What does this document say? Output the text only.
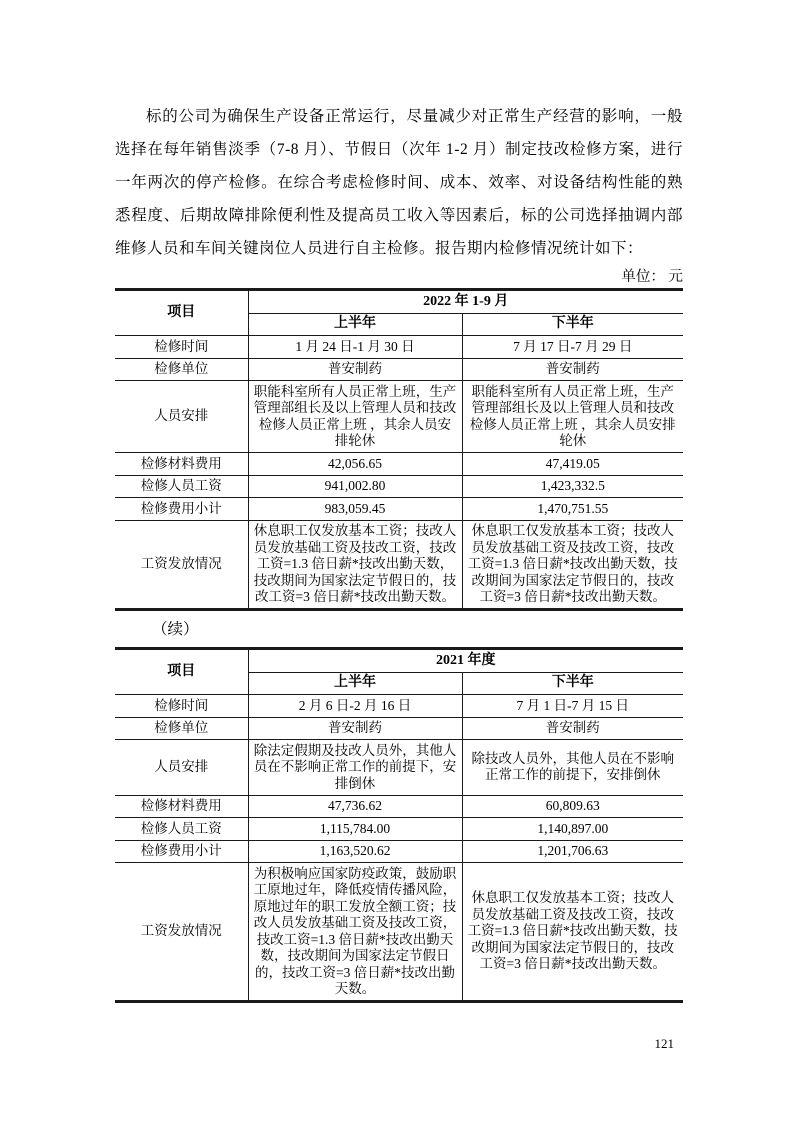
标的公司为确保生产设备正常运行，尽量减少对正常生产经营的影响，一般选择在每年销售淡季（7-8 月）、节假日（次年 1-2 月）制定技改检修方案，进行一年两次的停产检修。在综合考虑检修时间、成本、效率、对设备结构性能的熟悉程度、后期故障排除便利性及提高员工收入等因素后，标的公司选择抽调内部维修人员和车间关键岗位人员进行自主检修。报告期内检修情况统计如下：

单位： 元
项目	2022 年 1-9 月	
	上半年	下半年
检修时间	1 月 24 日-1 月 30 日	7 月 17 日-7 月 29 日
检修单位	普安制药	普安制药
人员安排	职能科室所有人员正常上班，生产管理部组长及以上管理人员和技改检修人员正常上班 ，其余人员安排轮休	职能科室所有人员正常上班，生产管理部组长及以上管理人员和技改检修人员正常上班 ，其余人员安排轮休
检修材料费用	42,056.65	47,419.05
检修人员工资	941,002.80	1,423,332.5
检修费用小计	983,059.45	1,470,751.55
工资发放情况	休息职工仅发放基本工资；技改人员发放基础工资及技改工资，技改工资=1.3 倍日薪*技改出勤天数，技改期间为国家法定节假日的，技改工资=3 倍日薪*技改出勤天数。	休息职工仅发放基本工资；技改人员发放基础工资及技改工资，技改工资=1.3 倍日薪*技改出勤天数，技改期间为国家法定节假日的，技改工资=3 倍日薪*技改出勤天数。
（续）
项目	2021 年度	
	上半年	下半年
检修时间	2 月 6 日-2 月 16 日	7 月 1 日-7 月 15 日
检修单位	普安制药	普安制药
人员安排	除法定假期及技改人员外，其他人员在不影响正常工作的前提下，安排倒休	除技改人员外，其他人员在不影响正常工作的前提下，安排倒休
检修材料费用	47,736.62	60,809.63
检修人员工资	1,115,784.00	1,140,897.00
检修费用小计	1,163,520.62	1,201,706.63
工资发放情况	为积极响应国家防疫政策，鼓励职工原地过年，降低疫情传播风险，原地过年的职工发放全额工资；技改人员发放基础工资及技改工资，技改工资=1.3 倍日薪*技改出勤天数，技改期间为国家法定节假日的，技改工资=3 倍日薪*技改出勤天数。	休息职工仅发放基本工资；技改人员发放基础工资及技改工资，技改工资=1.3 倍日薪*技改出勤天数，技改期间为国家法定节假日的，技改工资=3 倍日薪*技改出勤天数。
121
